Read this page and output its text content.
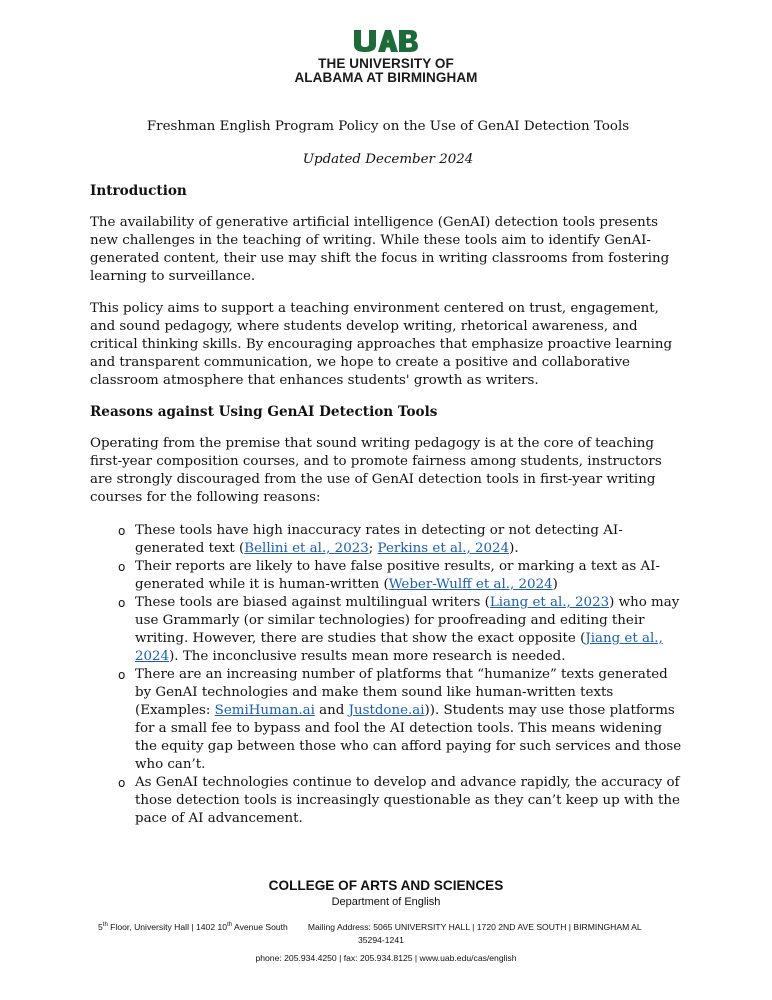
THE UNIVERSITY OF
ALABAMA AT BIRMINGHAM

Freshman English Program Policy on the Use of GenAI Detection Tools

Updated December 2024

Introduction

The availability of generative artificial intelligence (GenAI) detection tools presents new challenges in the teaching of writing. While these tools aim to identify GenAI-generated content, their use may shift the focus in writing classrooms from fostering learning to surveillance.

This policy aims to support a teaching environment centered on trust, engagement, and sound pedagogy, where students develop writing, rhetorical awareness, and critical thinking skills. By encouraging approaches that emphasize proactive learning and transparent communication, we hope to create a positive and collaborative classroom atmosphere that enhances students' growth as writers.

Reasons against Using GenAI Detection Tools

Operating from the premise that sound writing pedagogy is at the core of teaching first-year composition courses, and to promote fairness among students, instructors are strongly discouraged from the use of GenAI detection tools in first-year writing courses for the following reasons:

o These tools have high inaccuracy rates in detecting or not detecting AI-generated text (Bellini et al., 2023; Perkins et al., 2024).
o Their reports are likely to have false positive results, or marking a text as AI-generated while it is human-written (Weber-Wulff et al., 2024)
o These tools are biased against multilingual writers (Liang et al., 2023) who may use Grammarly (or similar technologies) for proofreading and editing their writing. However, there are studies that show the exact opposite (Jiang et al., 2024). The inconclusive results mean more research is needed.
o There are an increasing number of platforms that “humanize” texts generated by GenAI technologies and make them sound like human-written texts (Examples: SemiHuman.ai and Justdone.ai)). Students may use those platforms for a small fee to bypass and fool the AI detection tools. This means widening the equity gap between those who can afford paying for such services and those who can’t.
o As GenAI technologies continue to develop and advance rapidly, the accuracy of those detection tools is increasingly questionable as they can’t keep up with the pace of AI advancement.
COLLEGE OF ARTS AND SCIENCES
Department of English
5th Floor, University Hall | 1402 10th Avenue South Mailing Address: 5065 UNIVERSITY HALL | 1720 2ND AVE SOUTH | BIRMINGHAM AL
35294-1241
phone: 205.934.4250 | fax: 205.934.8125 | www.uab.edu/cas/english
